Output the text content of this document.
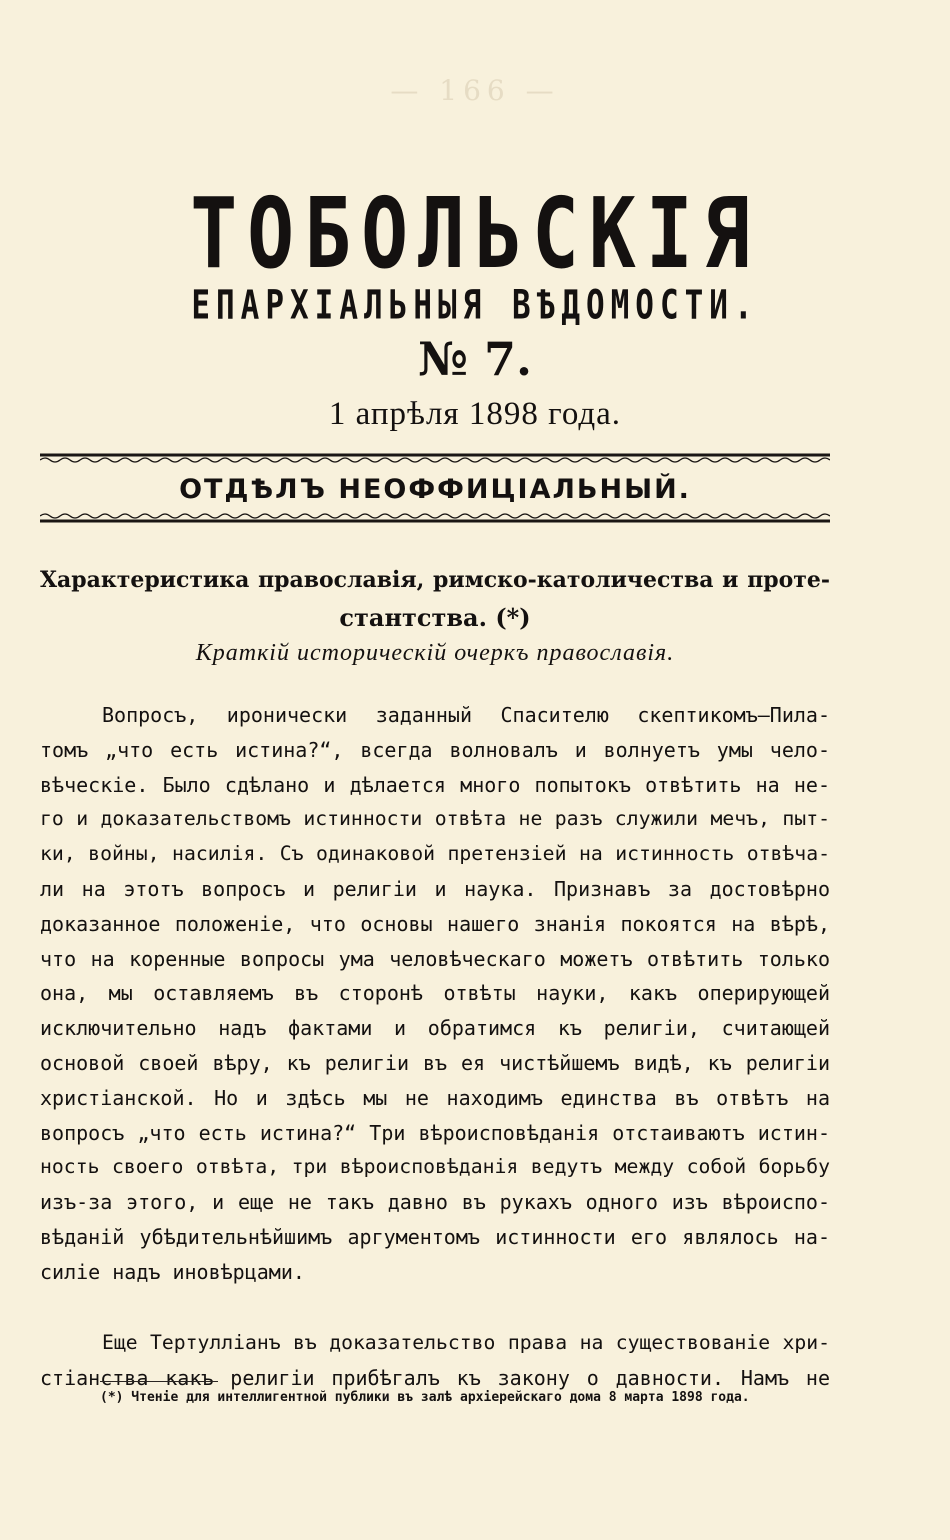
— 166 —
ТОБОЛЬСКІЯ
ЕПАРХІАЛЬНЫЯ ВѢДОМОСТИ.
№ 7.
1 апрѣля 1898 года.
ОТДѢЛЪ НЕОФФИЦІАЛЬНЫЙ.
Характеристика православія, римско-католичества и проте-
стантства. (*)
Краткій историческій очеркъ православія.
Вопросъ, иронически заданный Спасителю скептикомъ—Пила-
томъ „что есть истина?“, всегда волновалъ и волнуетъ умы чело-
вѣческіе. Было сдѣлано и дѣлается много попытокъ отвѣтить на не-
го и доказательствомъ истинности отвѣта не разъ служили мечъ, пыт-
ки, войны, насилія. Съ одинаковой претензіей на истинность отвѣча-
ли на этотъ вопросъ и религіи и наука. Признавъ за достовѣрно
доказанное положеніе, что основы нашего знанія покоятся на вѣрѣ,
что на коренные вопросы ума человѣческаго можетъ отвѣтить только
она, мы оставляемъ въ сторонѣ отвѣты науки, какъ оперирующей
исключительно надъ фактами и обратимся къ религіи, считающей
основой своей вѣру, къ религіи въ ея чистѣйшемъ видѣ, къ религіи
христіанской. Но и здѣсь мы не находимъ единства въ отвѣтъ на
вопросъ „что есть истина?“ Три вѣроисповѣданія отстаиваютъ истин-
ность своего отвѣта, три вѣроисповѣданія ведутъ между собой борьбу
изъ-за этого, и еще не такъ давно въ рукахъ одного изъ вѣроиспо-
вѣданій убѣдительнѣйшимъ аргументомъ истинности его являлось на-
силіе надъ иновѣрцами.
Еще Тертулліанъ въ доказательство права на существованіе хри-
стіанства какъ религіи прибѣгалъ къ закону о давности. Намъ не
(*) Чтеніе для интеллигентной публики въ залѣ архіерейскаго дома 8 марта 1898 года.
